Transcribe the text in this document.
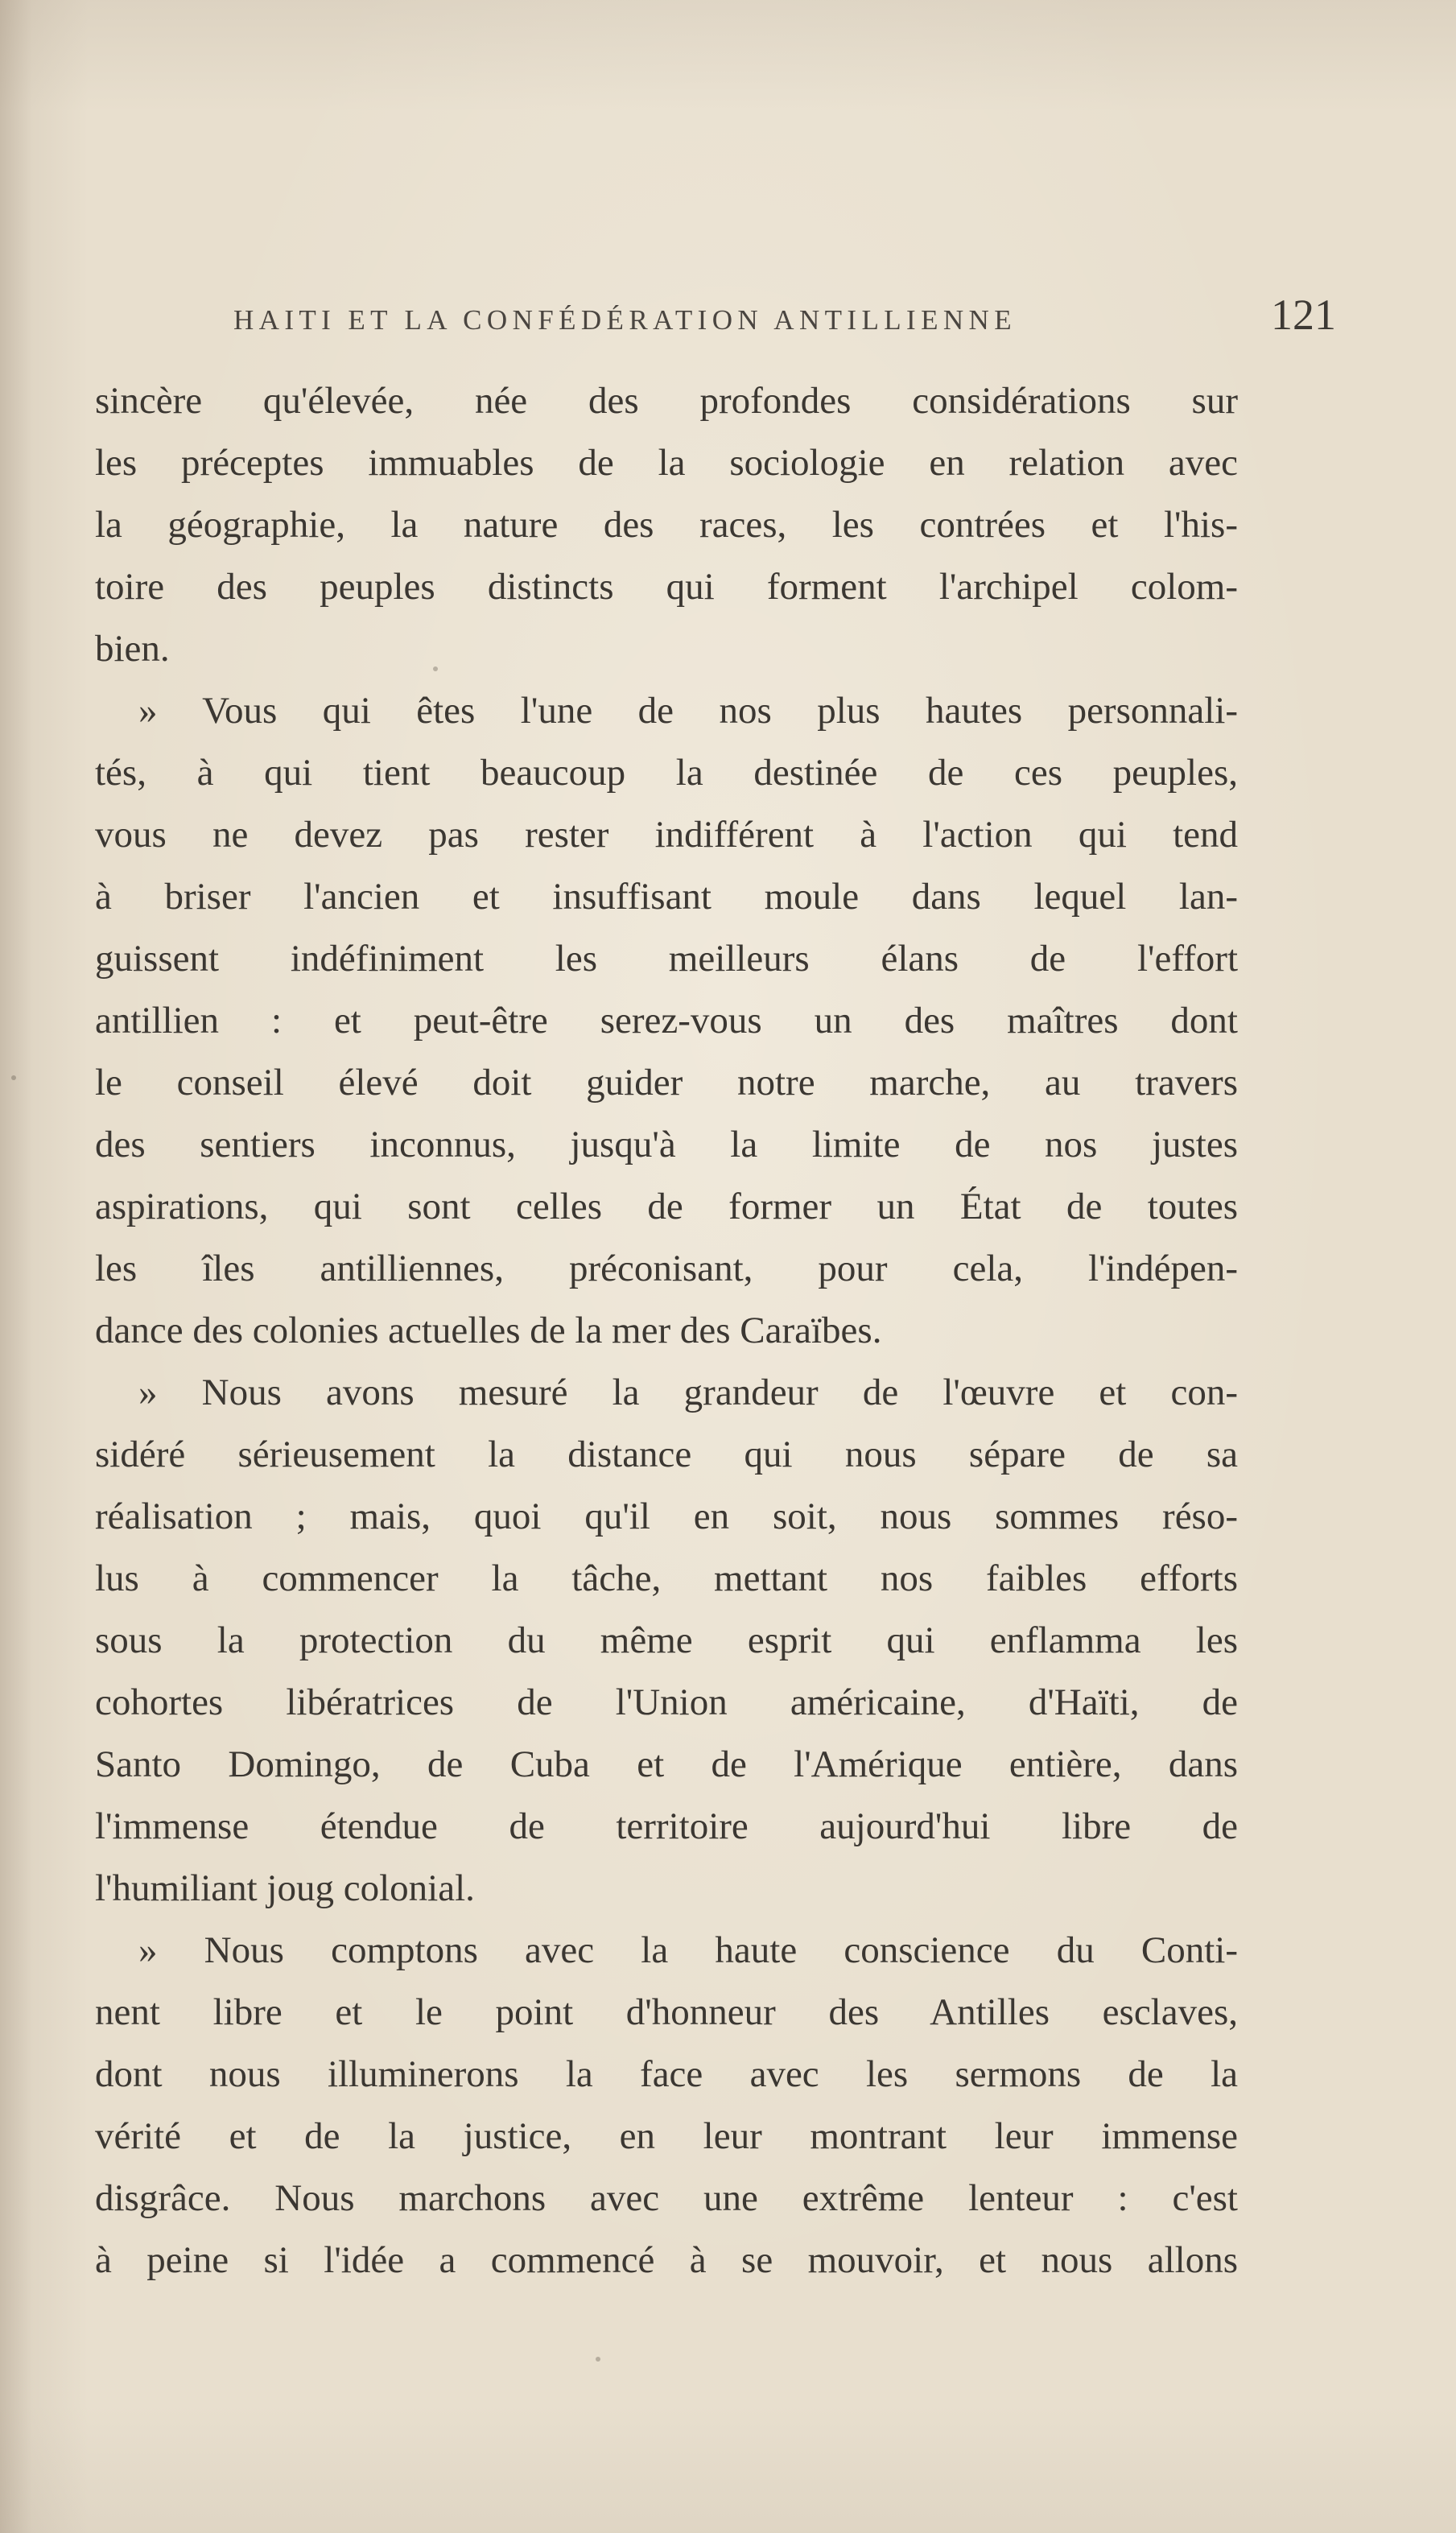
HAITI ET LA CONFÉDÉRATION ANTILLIENNE	121
sincère qu'élevée, née des profondes considérations sur
les préceptes immuables de la sociologie en relation avec
la géographie, la nature des races, les contrées et l'his-
toire des peuples distincts qui forment l'archipel colom-
bien.
» Vous qui êtes l'une de nos plus hautes personnali-
tés, à qui tient beaucoup la destinée de ces peuples,
vous ne devez pas rester indifférent à l'action qui tend
à briser l'ancien et insuffisant moule dans lequel lan-
guissent indéfiniment les meilleurs élans de l'effort
antillien : et peut-être serez-vous un des maîtres dont
le conseil élevé doit guider notre marche, au travers
des sentiers inconnus, jusqu'à la limite de nos justes
aspirations, qui sont celles de former un État de toutes
les îles antilliennes, préconisant, pour cela, l'indépen-
dance des colonies actuelles de la mer des Caraïbes.
» Nous avons mesuré la grandeur de l'œuvre et con-
sidéré sérieusement la distance qui nous sépare de sa
réalisation ; mais, quoi qu'il en soit, nous sommes réso-
lus à commencer la tâche, mettant nos faibles efforts
sous la protection du même esprit qui enflamma les
cohortes libératrices de l'Union américaine, d'Haïti, de
Santo Domingo, de Cuba et de l'Amérique entière, dans
l'immense étendue de territoire aujourd'hui libre de
l'humiliant joug colonial.
» Nous comptons avec la haute conscience du Conti-
nent libre et le point d'honneur des Antilles esclaves,
dont nous illuminerons la face avec les sermons de la
vérité et de la justice, en leur montrant leur immense
disgrâce. Nous marchons avec une extrême lenteur : c'est
à peine si l'idée a commencé à se mouvoir, et nous allons
